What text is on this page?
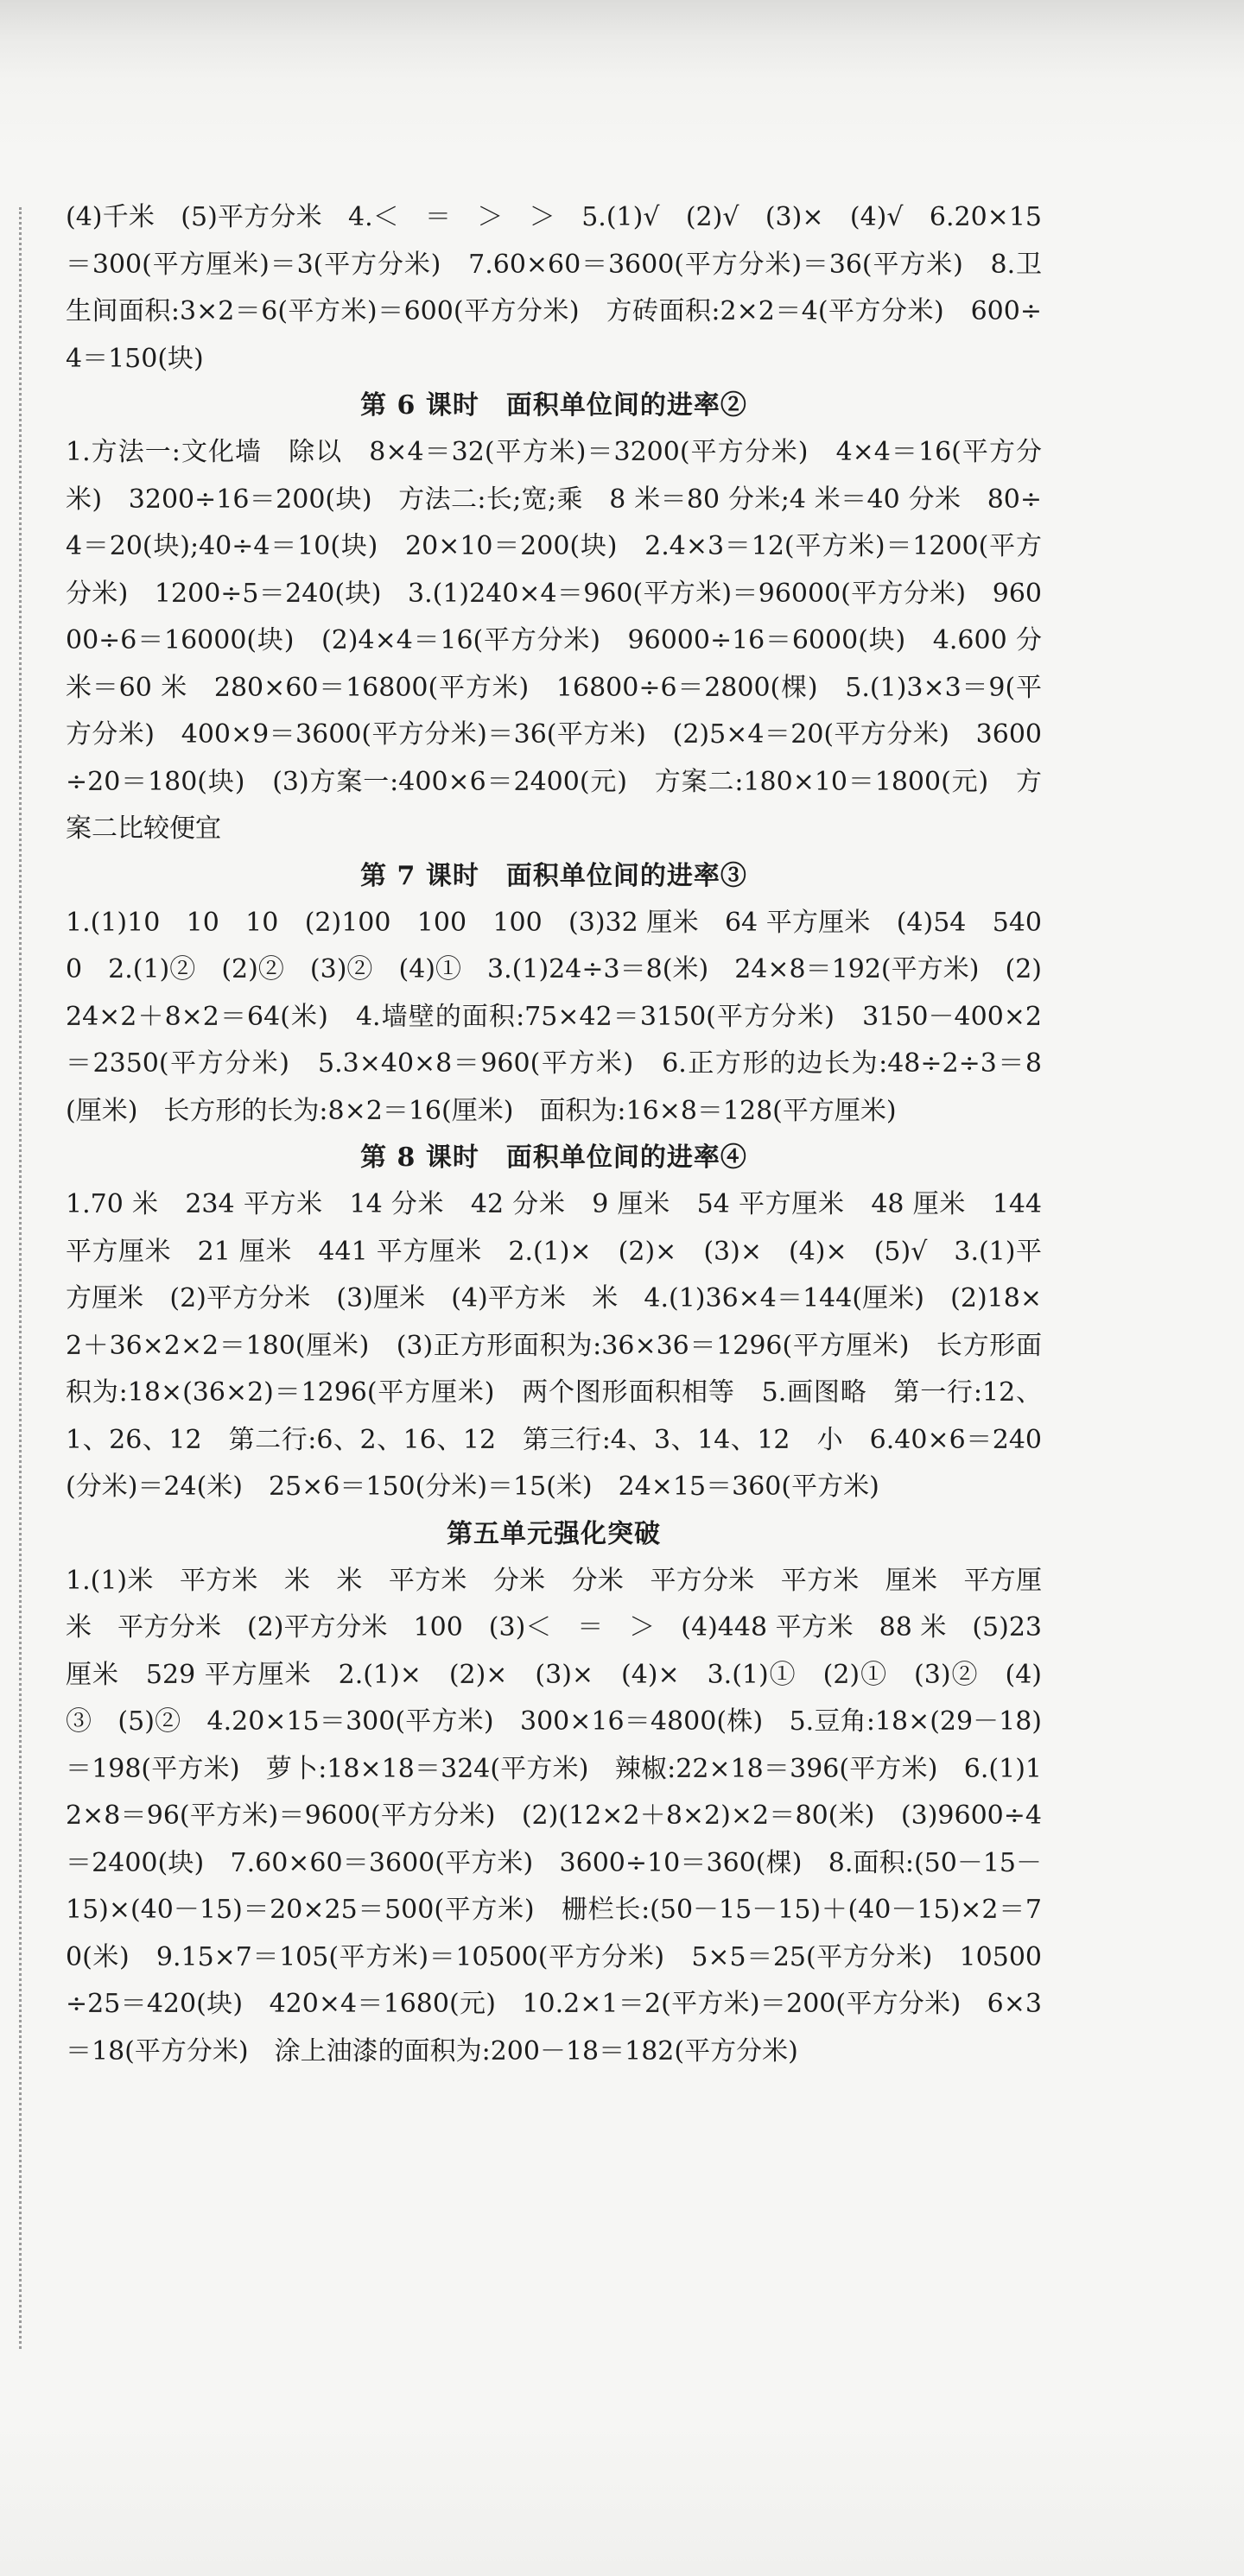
(4)千米　(5)平方分米　4.＜　＝　＞　＞　5.(1)√　(2)√　(3)×　(4)√　6.20×15＝300(平方厘米)＝3(平方分米)　7.60×60＝3600(平方分米)＝36(平方米)　8.卫生间面积:3×2＝6(平方米)＝600(平方分米)　方砖面积:2×2＝4(平方分米)　600÷4＝150(块)
第 6 课时　面积单位间的进率②
1.方法一:文化墙　除以　8×4＝32(平方米)＝3200(平方分米)　4×4＝16(平方分米)　3200÷16＝200(块)　方法二:长;宽;乘　8 米＝80 分米;4 米＝40 分米　80÷4＝20(块);40÷4＝10(块)　20×10＝200(块)　2.4×3＝12(平方米)＝1200(平方分米)　1200÷5＝240(块)　3.(1)240×4＝960(平方米)＝96000(平方分米)　96000÷6＝16000(块)　(2)4×4＝16(平方分米)　96000÷16＝6000(块)　4.600 分米＝60 米　280×60＝16800(平方米)　16800÷6＝2800(棵)　5.(1)3×3＝9(平方分米)　400×9＝3600(平方分米)＝36(平方米)　(2)5×4＝20(平方分米)　3600÷20＝180(块)　(3)方案一:400×6＝2400(元)　方案二:180×10＝1800(元)　方案二比较便宜
第 7 课时　面积单位间的进率③
1.(1)10　10　10　(2)100　100　100　(3)32 厘米　64 平方厘米　(4)54　5400　2.(1)②　(2)②　(3)②　(4)①　3.(1)24÷3＝8(米)　24×8＝192(平方米)　(2)24×2＋8×2＝64(米)　4.墙壁的面积:75×42＝3150(平方分米)　3150－400×2＝2350(平方分米)　5.3×40×8＝960(平方米)　6.正方形的边长为:48÷2÷3＝8(厘米)　长方形的长为:8×2＝16(厘米)　面积为:16×8＝128(平方厘米)
第 8 课时　面积单位间的进率④
1.70 米　234 平方米　14 分米　42 分米　9 厘米　54 平方厘米　48 厘米　144 平方厘米　21 厘米　441 平方厘米　2.(1)×　(2)×　(3)×　(4)×　(5)√　3.(1)平方厘米　(2)平方分米　(3)厘米　(4)平方米　米　4.(1)36×4＝144(厘米)　(2)18×2＋36×2×2＝180(厘米)　(3)正方形面积为:36×36＝1296(平方厘米)　长方形面积为:18×(36×2)＝1296(平方厘米)　两个图形面积相等　5.画图略　第一行:12、1、26、12　第二行:6、2、16、12　第三行:4、3、14、12　小　6.40×6＝240(分米)＝24(米)　25×6＝150(分米)＝15(米)　24×15＝360(平方米)
第五单元强化突破
1.(1)米　平方米　米　米　平方米　分米　分米　平方分米　平方米　厘米　平方厘米　平方分米　(2)平方分米　100　(3)＜　＝　＞　(4)448 平方米　88 米　(5)23 厘米　529 平方厘米　2.(1)×　(2)×　(3)×　(4)×　3.(1)①　(2)①　(3)②　(4)③　(5)②　4.20×15＝300(平方米)　300×16＝4800(株)　5.豆角:18×(29－18)＝198(平方米)　萝卜:18×18＝324(平方米)　辣椒:22×18＝396(平方米)　6.(1)12×8＝96(平方米)＝9600(平方分米)　(2)(12×2＋8×2)×2＝80(米)　(3)9600÷4＝2400(块)　7.60×60＝3600(平方米)　3600÷10＝360(棵)　8.面积:(50－15－15)×(40－15)＝20×25＝500(平方米)　栅栏长:(50－15－15)＋(40－15)×2＝70(米)　9.15×7＝105(平方米)＝10500(平方分米)　5×5＝25(平方分米)　10500÷25＝420(块)　420×4＝1680(元)　10.2×1＝2(平方米)＝200(平方分米)　6×3＝18(平方分米)　涂上油漆的面积为:200－18＝182(平方分米)
